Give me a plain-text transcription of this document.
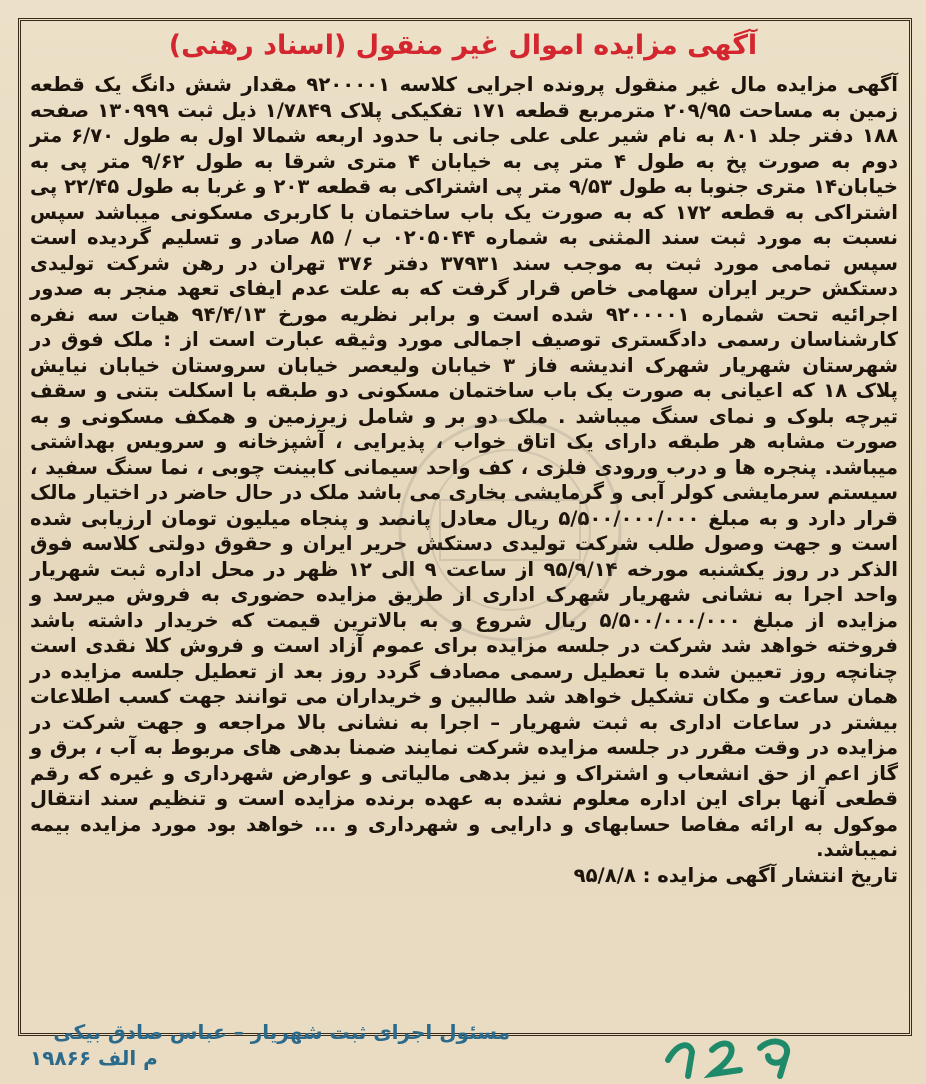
آگهی مزایده اموال غیر منقول (اسناد رهنی)

آگهی مزایده مال غیر منقول پرونده اجرایی کلاسه ۹۲۰۰۰۰۱ مقدار شش دانگ یک قطعه زمین به مساحت ۲۰۹/۹۵ مترمربع قطعه ۱۷۱ تفکیکی پلاک ۱/۷۸۴۹ ذیل ثبت ۱۳۰۹۹۹ صفحه ۱۸۸ دفتر جلد ۸۰۱ به نام شیر علی علی جانی با حدود اربعه شمالا اول به طول ۶/۷۰ متر دوم به صورت پخ به طول ۴ متر پی به خیابان ۴ متری شرقا به طول ۹/۶۲ متر پی به خیابان۱۴ متری جنوبا به طول ۹/۵۳ متر پی اشتراکی به قطعه ۲۰۳ و غربا به طول ۲۲/۴۵ پی اشتراکی به قطعه ۱۷۲ که به صورت یک باب ساختمان با کاربری مسکونی میباشد سپس نسبت به مورد ثبت سند المثنی به شماره ۰۲۰۵۰۴۴ ب / ۸۵ صادر و تسلیم گردیده است سپس تمامی مورد ثبت به موجب سند ۳۷۹۳۱ دفتر ۳۷۶ تهران در رهن شرکت تولیدی دستکش حریر ایران سهامی خاص قرار گرفت که به علت عدم ایفای تعهد منجر به صدور اجرائیه تحت شماره ۹۲۰۰۰۰۱ شده است و برابر نظریه مورخ ۹۴/۴/۱۳ هیات سه نفره کارشناسان رسمی دادگستری توصیف اجمالی مورد وثیقه عبارت است از : ملک فوق در شهرستان شهریار شهرک اندیشه فاز ۳ خیابان ولیعصر خیابان سروستان خیابان نیایش پلاک ۱۸ که اعیانی به صورت یک باب ساختمان مسکونی دو طبقه با اسکلت بتنی و سقف تیرچه بلوک و نمای سنگ میباشد . ملک دو بر و شامل زیرزمین و همکف مسکونی و به صورت مشابه هر طبقه دارای یک اتاق خواب ، پذیرایی ، آشپزخانه و سرویس بهداشتی میباشد. پنجره ها و درب ورودی فلزی ، کف واحد سیمانی کابینت چوبی ، نما سنگ سفید ، سیستم سرمایشی کولر آبی و گرمایشی بخاری می باشد ملک در حال حاضر در اختیار مالک قرار دارد و به مبلغ ۵/۵۰۰/۰۰۰/۰۰۰ ریال معادل پانصد و پنجاه میلیون تومان ارزیابی شده است و جهت وصول طلب شرکت تولیدی دستکش حریر ایران و حقوق دولتی کلاسه فوق الذکر در روز یکشنبه مورخه ۹۵/۹/۱۴ از ساعت ۹ الی ۱۲ ظهر در محل اداره ثبت شهریار واحد اجرا به نشانی شهریار شهرک اداری از طریق مزایده حضوری به فروش میرسد و مزایده از مبلغ ۵/۵۰۰/۰۰۰/۰۰۰ ریال شروع و به بالاترین قیمت که خریدار داشته باشد فروخته خواهد شد شرکت در جلسه مزایده برای عموم آزاد است و فروش کلا نقدی است چنانچه روز تعیین شده با تعطیل رسمی مصادف گردد روز بعد از تعطیل جلسه مزایده در همان ساعت و مکان تشکیل خواهد شد طالبین و خریداران می توانند جهت کسب اطلاعات بیشتر در ساعات اداری به ثبت شهریار – اجرا به نشانی بالا مراجعه و جهت شرکت در مزایده در وقت مقرر در جلسه مزایده شرکت نمایند ضمنا بدهی های مربوط به آب ، برق و گاز اعم از حق انشعاب و اشتراک و نیز بدهی مالیاتی و عوارض شهرداری و غیره که رقم قطعی آنها برای این اداره معلوم نشده به عهده برنده مزایده است و تنظیم سند انتقال موکول به ارائه مفاصا حسابهای و دارایی و شهرداری و ... خواهد بود مورد مزایده بیمه نمیباشد.

تاریخ انتشار آگهی مزایده : ۹۵/۸/۸

مسئول اجرای ثبت شهریار – عباس صادق بیکی
م الف ۱۹۸۶۶
